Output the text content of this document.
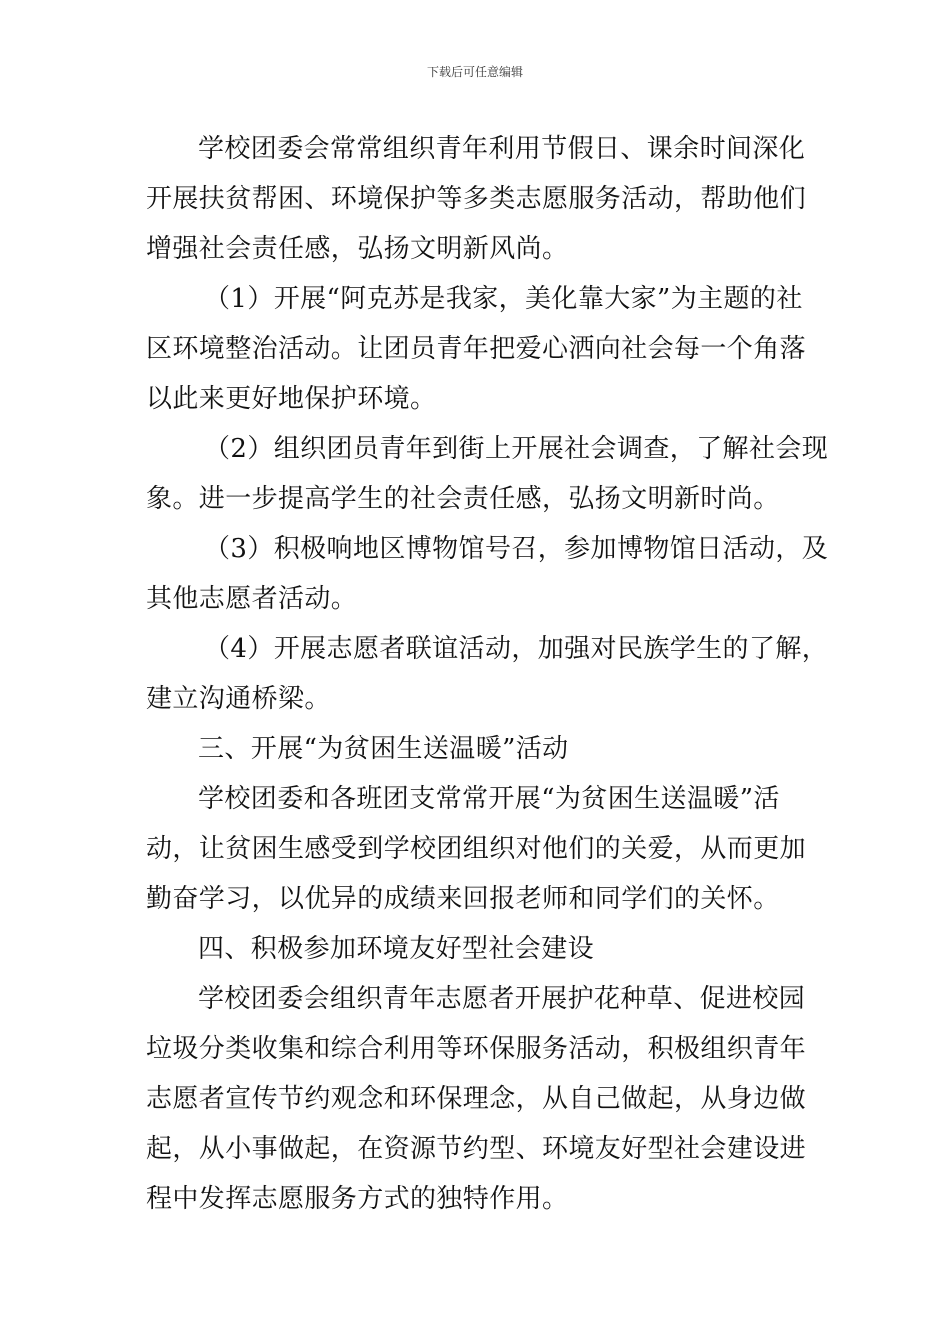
下载后可任意编辑
学校团委会常常组织青年利用节假日、课余时间深化
开展扶贫帮困、环境保护等多类志愿服务活动，帮助他们
增强社会责任感，弘扬文明新风尚。
（1）开展“阿克苏是我家，美化靠大家”为主题的社
区环境整治活动。让团员青年把爱心洒向社会每一个角落
以此来更好地保护环境。
（2）组织团员青年到街上开展社会调查，了解社会现
象。进一步提高学生的社会责任感，弘扬文明新时尚。
（3）积极响地区博物馆号召，参加博物馆日活动，及
其他志愿者活动。
（4）开展志愿者联谊活动，加强对民族学生的了解，
建立沟通桥梁。
三、开展“为贫困生送温暖”活动
学校团委和各班团支常常开展“为贫困生送温暖”活
动，让贫困生感受到学校团组织对他们的关爱，从而更加
勤奋学习，以优异的成绩来回报老师和同学们的关怀。
四、积极参加环境友好型社会建设
学校团委会组织青年志愿者开展护花种草、促进校园
垃圾分类收集和综合利用等环保服务活动，积极组织青年
志愿者宣传节约观念和环保理念，从自己做起，从身边做
起，从小事做起，在资源节约型、环境友好型社会建设进
程中发挥志愿服务方式的独特作用。
